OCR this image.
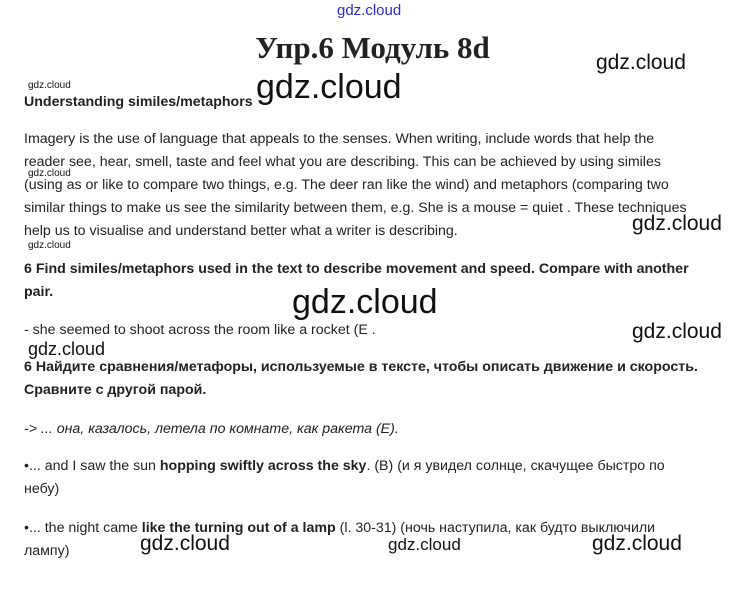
gdz.cloud
Упр.6 Модуль 8d	gdz.cloud
gdz.cloud	gdz.cloud
Understanding similes/metaphors
Imagery is the use of language that appeals to the senses. When writing, include words that help the
reader see, hear, smell, taste and feel what you are describing. This can be achieved by using similes
(using as or like to compare two things, e.g. The deer ran like the wind) and metaphors (comparing two
similar things to make us see the similarity between them, e.g. She is a mouse = quiet . These techniques
help us to visualise and understand better what a writer is describing.
gdz.cloud
gdz.cloud
gdz.cloud
6 Find similes/metaphors used in the text to describe movement and speed. Compare with another
pair.	gdz.cloud
- she seemed to shoot across the room like a rocket (E .	gdz.cloud
gdz.cloud
6 Найдите сравнения/метафоры, используемые в тексте, чтобы описать движение и скорость.
Сравните с другой парой.
-> ... она, казалось, летела по комнате, как ракета (E).
•... and I saw the sun hopping swiftly across the sky. (B) (и я увидел солнце, скачущее быстро по
небу)
•... the night came like the turning out of a lamp (l. 30-31) (ночь наступила, как будто выключили
лампу)	gdz.cloud	gdz.cloud	gdz.cloud
